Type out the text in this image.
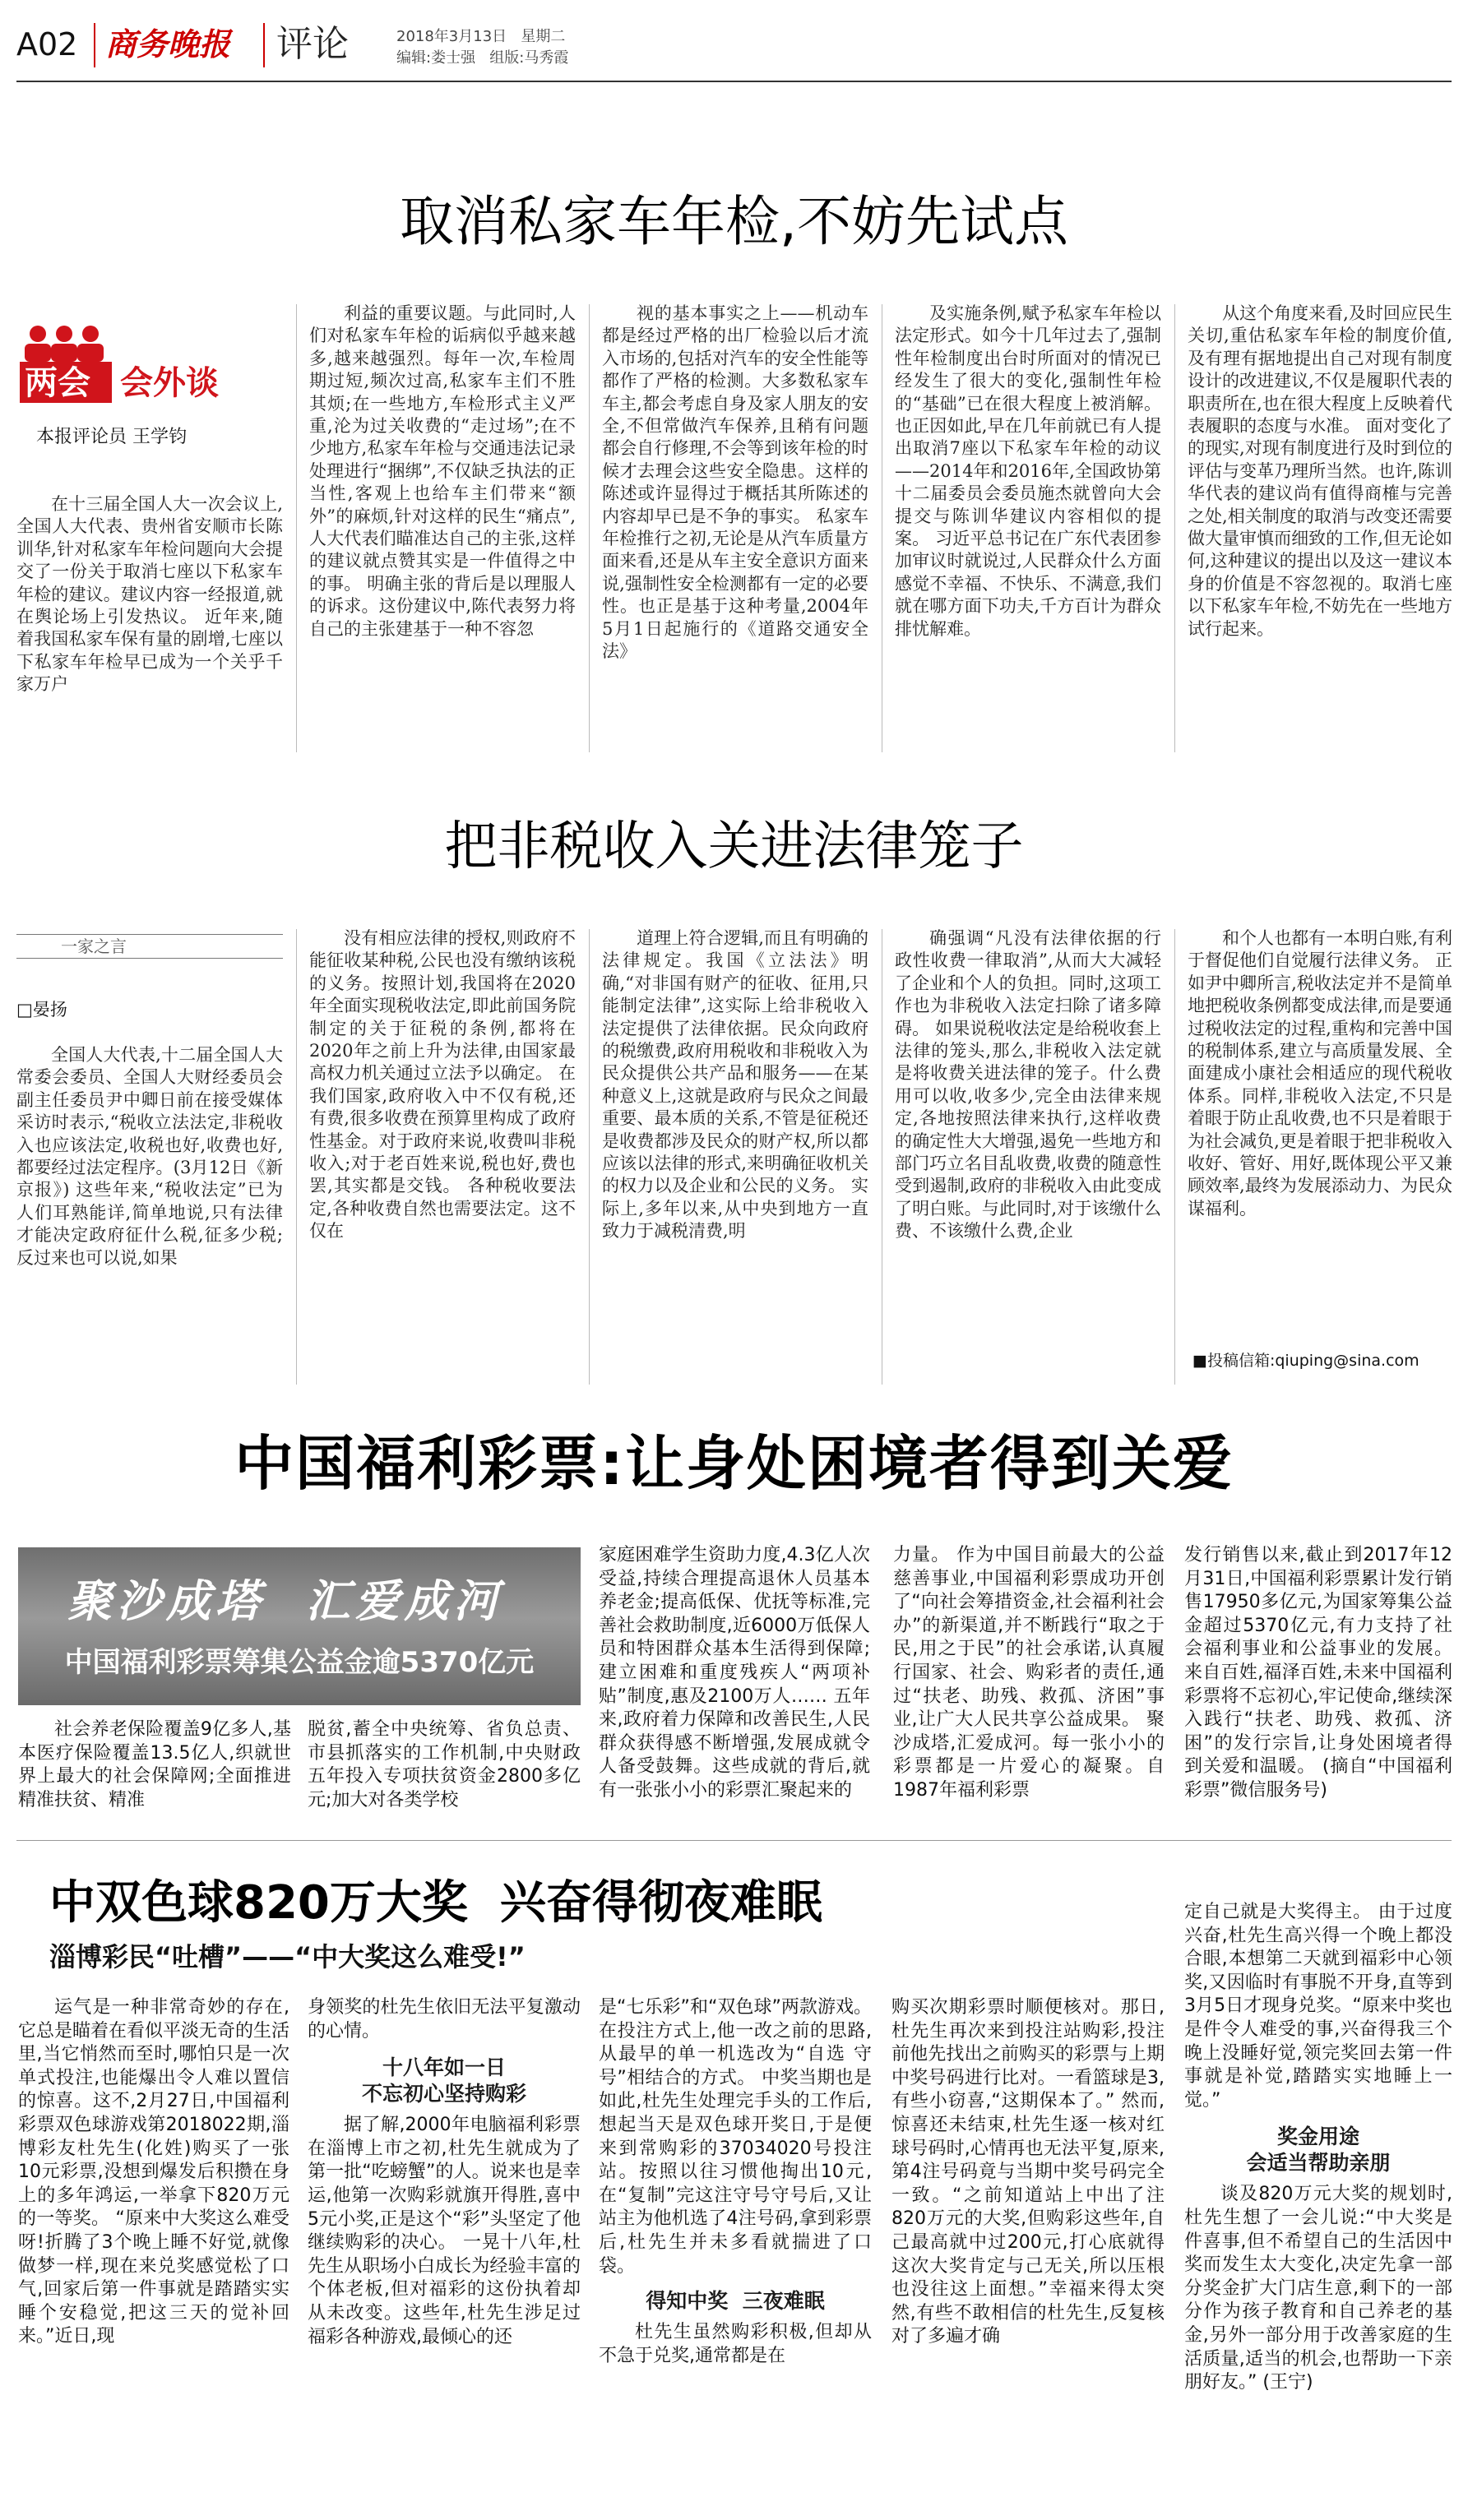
A02 商务晚报 评论	2018年3月13日 星期二
编辑:娄士强 组版:马秀霞
取消私家车年检,不妨先试点
两会 会外谈
本报评论员 王学钧

在十三届全国人大一次会议上,全国人大代表、贵州省安顺市长陈训华,针对私家车年检问题向大会提交了一份关于取消七座以下私家车年检的建议。建议内容一经报道,就在舆论场上引发热议。 近年来,随着我国私家车保有量的剧增,七座以下私家车年检早已成为一个关乎千家万户

利益的重要议题。与此同时,人们对私家车年检的诟病似乎越来越多,越来越强烈。每年一次,车检周期过短,频次过高,私家车主们不胜其烦;在一些地方,车检形式主义严重,沦为过关收费的“走过场”;在不少地方,私家车年检与交通违法记录处理进行“捆绑”,不仅缺乏执法的正当性,客观上也给车主们带来“额外”的麻烦,针对这样的民生“痛点”,人大代表们瞄准达自己的主张,这样的建议就点赞其实是一件值得之中的事。 明确主张的背后是以理服人的诉求。这份建议中,陈代表努力将自己的主张建基于一种不容忽

视的基本事实之上——机动车都是经过严格的出厂检验以后才流入市场的,包括对汽车的安全性能等都作了严格的检测。大多数私家车车主,都会考虑自身及家人朋友的安全,不但常做汽车保养,且稍有问题都会自行修理,不会等到该年检的时候才去理会这些安全隐患。这样的陈述或许显得过于概括其所陈述的内容却早已是不争的事实。 私家车年检推行之初,无论是从汽车质量方面来看,还是从车主安全意识方面来说,强制性安全检测都有一定的必要性。也正是基于这种考量,2004年5月1日起施行的《道路交通安全法》

及实施条例,赋予私家车年检以法定形式。如今十几年过去了,强制性年检制度出台时所面对的情况已经发生了很大的变化,强制性年检的“基础”已在很大程度上被消解。也正因如此,早在几年前就已有人提出取消7座以下私家车年检的动议——2014年和2016年,全国政协第十二届委员会委员施杰就曾向大会提交与陈训华建议内容相似的提案。 习近平总书记在广东代表团参加审议时就说过,人民群众什么方面感觉不幸福、不快乐、不满意,我们就在哪方面下功夫,千方百计为群众排忧解难。

从这个角度来看,及时回应民生关切,重估私家车年检的制度价值,及有理有据地提出自己对现有制度设计的改进建议,不仅是履职代表的职责所在,也在很大程度上反映着代表履职的态度与水准。 面对变化了的现实,对现有制度进行及时到位的评估与变革乃理所当然。也许,陈训华代表的建议尚有值得商榷与完善之处,相关制度的取消与改变还需要做大量审慎而细致的工作,但无论如何,这种建议的提出以及这一建议本身的价值是不容忽视的。取消七座以下私家车年检,不妨先在一些地方试行起来。

把非税收入关进法律笼子
一家之言
□晏扬

全国人大代表,十二届全国人大常委会委员、全国人大财经委员会副主任委员尹中卿日前在接受媒体采访时表示,“税收立法法定,非税收入也应该法定,收税也好,收费也好,都要经过法定程序。(3月12日《新京报》) 这些年来,“税收法定”已为人们耳熟能详,简单地说,只有法律才能决定政府征什么税,征多少税;反过来也可以说,如果

没有相应法律的授权,则政府不能征收某种税,公民也没有缴纳该税的义务。按照计划,我国将在2020年全面实现税收法定,即此前国务院制定的关于征税的条例,都将在2020年之前上升为法律,由国家最高权力机关通过立法予以确定。 在我们国家,政府收入中不仅有税,还有费,很多收费在预算里构成了政府性基金。对于政府来说,收费叫非税收入;对于老百姓来说,税也好,费也罢,其实都是交钱。 各种税收要法定,各种收费自然也需要法定。这不仅在

道理上符合逻辑,而且有明确的法律规定。我国《立法法》明确,“对非国有财产的征收、征用,只能制定法律”,这实际上给非税收入法定提供了法律依据。民众向政府的税缴费,政府用税收和非税收入为民众提供公共产品和服务——在某种意义上,这就是政府与民众之间最重要、最本质的关系,不管是征税还是收费都涉及民众的财产权,所以都应该以法律的形式,来明确征收机关的权力以及企业和公民的义务。 实际上,多年以来,从中央到地方一直致力于减税清费,明

确强调“凡没有法律依据的行政性收费一律取消”,从而大大减轻了企业和个人的负担。同时,这项工作也为非税收入法定扫除了诸多障碍。 如果说税收法定是给税收套上法律的笼头,那么,非税收入法定就是将收费关进法律的笼子。什么费用可以收,收多少,完全由法律来规定,各地按照法律来执行,这样收费的确定性大大增强,遏免一些地方和部门巧立名目乱收费,收费的随意性受到遏制,政府的非税收入由此变成了明白账。与此同时,对于该缴什么费、不该缴什么费,企业

和个人也都有一本明白账,有利于督促他们自觉履行法律义务。 正如尹中卿所言,税收法定并不是简单地把税收条例都变成法律,而是要通过税收法定的过程,重构和完善中国的税制体系,建立与高质量发展、全面建成小康社会相适应的现代税收体系。同样,非税收入法定,不只是着眼于防止乱收费,也不只是着眼于为社会减负,更是着眼于把非税收入收好、管好、用好,既体现公平又兼顾效率,最终为发展添动力、为民众谋福利。

■投稿信箱:qiuping@sina.com
中国福利彩票:让身处困境者得到关爱
聚沙成塔  汇爱成河
中国福利彩票筹集公益金逾5370亿元

社会养老保险覆盖9亿多人,基本医疗保险覆盖13.5亿人,织就世界上最大的社会保障网;全面推进精准扶贫、精准

脱贫,蓄全中央统筹、省负总责、市县抓落实的工作机制,中央财政五年投入专项扶贫资金2800多亿元;加大对各类学校

家庭困难学生资助力度,4.3亿人次受益,持续合理提高退休人员基本养老金;提高低保、优抚等标准,完善社会救助制度,近6000万低保人员和特困群众基本生活得到保障;建立困难和重度残疾人“两项补贴”制度,惠及2100万人…… 五年来,政府着力保障和改善民生,人民群众获得感不断增强,发展成就令人备受鼓舞。这些成就的背后,就有一张张小小的彩票汇聚起来的

力量。 作为中国目前最大的公益慈善事业,中国福利彩票成功开创了“向社会筹措资金,社会福利社会办”的新渠道,并不断践行“取之于民,用之于民”的社会承诺,认真履行国家、社会、购彩者的责任,通过“扶老、助残、救孤、济困”事业,让广大人民共享公益成果。 聚沙成塔,汇爱成河。每一张小小的彩票都是一片爱心的凝聚。自1987年福利彩票

发行销售以来,截止到2017年12月31日,中国福利彩票累计发行销售17950多亿元,为国家筹集公益金超过5370亿元,有力支持了社会福利事业和公益事业的发展。来自百姓,福泽百姓,未来中国福利彩票将不忘初心,牢记使命,继续深入践行“扶老、助残、救孤、济困”的发行宗旨,让身处困境者得到关爱和温暖。 (摘自“中国福利彩票”微信服务号)

中双色球820万大奖  兴奋得彻夜难眠
淄博彩民“吐槽”——“中大奖这么难受!”

运气是一种非常奇妙的存在,它总是瞄着在看似平淡无奇的生活里,当它悄然而至时,哪怕只是一次单式投注,也能爆出令人难以置信的惊喜。这不,2月27日,中国福利彩票双色球游戏第2018022期,淄博彩友杜先生(化姓)购买了一张10元彩票,没想到爆发后积攒在身上的多年鸿运,一举拿下820万元的一等奖。 “原来中大奖这么难受呀!折腾了3个晚上睡不好觉,就像做梦一样,现在来兑奖感觉松了口气,回家后第一件事就是踏踏实实睡个安稳觉,把这三天的觉补回来。”近日,现

身领奖的杜先生依旧无法平复激动的心情。

十八年如一日
不忘初心坚持购彩

据了解,2000年电脑福利彩票在淄博上市之初,杜先生就成为了第一批“吃螃蟹”的人。说来也是幸运,他第一次购彩就旗开得胜,喜中5元小奖,正是这个“彩”头坚定了他继续购彩的决心。 一晃十八年,杜先生从职场小白成长为经验丰富的个体老板,但对福彩的这份执着却从未改变。这些年,杜先生涉足过福彩各种游戏,最倾心的还

是“七乐彩”和“双色球”两款游戏。在投注方式上,他一改之前的思路,从最早的单一机选改为“自选 守号”相结合的方式。 中奖当期也是如此,杜先生处理完手头的工作后,想起当天是双色球开奖日,于是便来到常购彩的37034020号投注站。按照以往习惯他掏出10元,在“复制”完这注守号守号后,又让站主为他机选了4注号码,拿到彩票后,杜先生并未多看就揣进了口袋。

得知中奖  三夜难眠

杜先生虽然购彩积极,但却从不急于兑奖,通常都是在

购买次期彩票时顺便核对。那日,杜先生再次来到投注站购彩,投注前他先找出之前购买的彩票与上期中奖号码进行比对。一看篮球是3,有些小窃喜,“这期保本了。” 然而,惊喜还未结束,杜先生逐一核对红球号码时,心情再也无法平复,原来,第4注号码竟与当期中奖号码完全一致。“之前知道站上中出了注820万元的大奖,但购彩这些年,自己最高就中过200元,打心底就得这次大奖肯定与己无关,所以压根也没往这上面想。”幸福来得太突然,有些不敢相信的杜先生,反复核对了多遍才确

定自己就是大奖得主。 由于过度兴奋,杜先生高兴得一个晚上都没合眼,本想第二天就到福彩中心领奖,又因临时有事脱不开身,直等到3月5日才现身兑奖。“原来中奖也是件令人难受的事,兴奋得我三个晚上没睡好觉,领完奖回去第一件事就是补觉,踏踏实实地睡上一觉。”

奖金用途
会适当帮助亲朋

谈及820万元大奖的规划时,杜先生想了一会儿说:“中大奖是件喜事,但不希望自己的生活因中奖而发生太大变化,决定先拿一部分奖金扩大门店生意,剩下的一部分作为孩子教育和自己养老的基金,另外一部分用于改善家庭的生活质量,适当的机会,也帮助一下亲朋好友。” (王宁)
